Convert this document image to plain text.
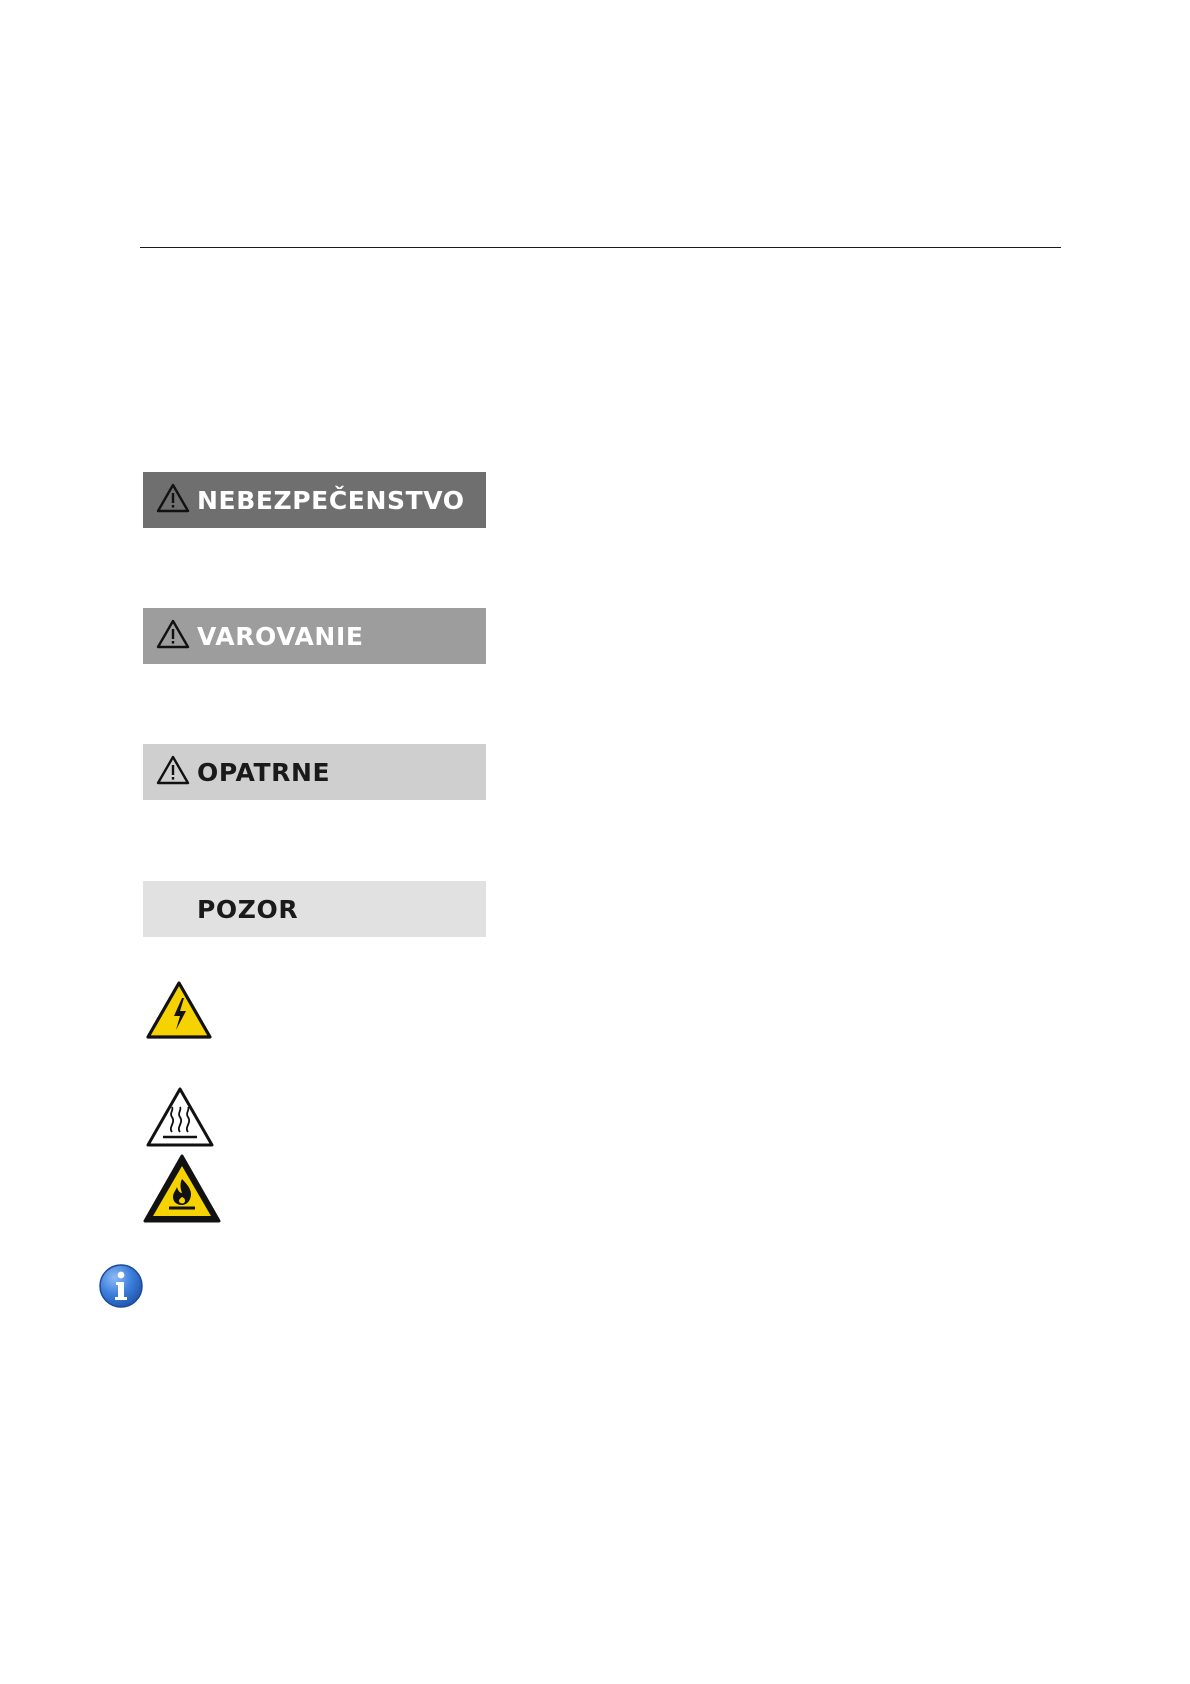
NEBEZPEČENSTVO
VAROVANIE
OPATRNE
POZOR
